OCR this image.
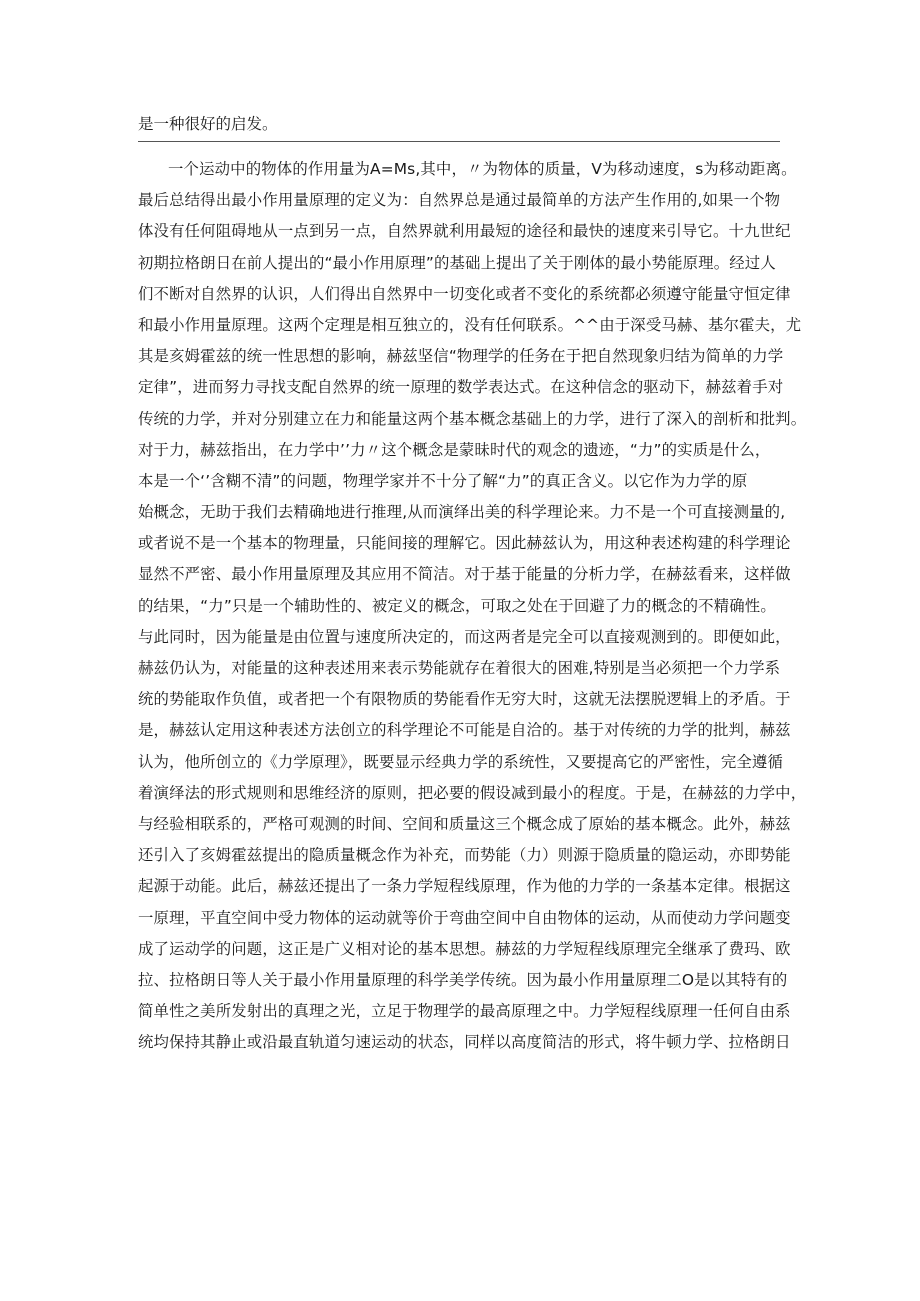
是一种很好的启发。
一个运动中的物体的作用量为A=Ms,其中，〃为物体的质量，V为移动速度，s为移动距离。
最后总结得出最小作用量原理的定义为：自然界总是通过最简单的方法产生作用的,如果一个物
体没有任何阻碍地从一点到另一点，自然界就利用最短的途径和最快的速度来引导它。十九世纪
初期拉格朗日在前人提出的“最小作用原理”的基础上提出了关于刚体的最小势能原理。经过人
们不断对自然界的认识，人们得出自然界中一切变化或者不变化的系统都必须遵守能量守恒定律
和最小作用量原理。这两个定理是相互独立的，没有任何联系。^^由于深受马赫、基尔霍夫，尤
其是亥姆霍兹的统一性思想的影响，赫兹坚信“物理学的任务在于把自然现象归结为简单的力学
定律”，进而努力寻找支配自然界的统一原理的数学表达式。在这种信念的驱动下，赫兹着手对
传统的力学，并对分别建立在力和能量这两个基本概念基础上的力学，进行了深入的剖析和批判。
对于力，赫兹指出，在力学中’’力〃这个概念是蒙昧时代的观念的遗迹，“力”的实质是什么，
本是一个‘’含糊不清”的问题，物理学家并不十分了解“力”的真正含义。以它作为力学的原
始概念，无助于我们去精确地进行推理,从而演绎出美的科学理论来。力不是一个可直接测量的,
或者说不是一个基本的物理量，只能间接的理解它。因此赫兹认为，用这种表述构建的科学理论
显然不严密、最小作用量原理及其应用不简洁。对于基于能量的分析力学，在赫兹看来，这样做
的结果，“力”只是一个辅助性的、被定义的概念，可取之处在于回避了力的概念的不精确性。
与此同时，因为能量是由位置与速度所决定的，而这两者是完全可以直接观测到的。即便如此，
赫兹仍认为，对能量的这种表述用来表示势能就存在着很大的困难,特别是当必须把一个力学系
统的势能取作负值，或者把一个有限物质的势能看作无穷大时，这就无法摆脱逻辑上的矛盾。于
是，赫兹认定用这种表述方法创立的科学理论不可能是自洽的。基于对传统的力学的批判，赫兹
认为，他所创立的《力学原理》，既要显示经典力学的系统性，又要提高它的严密性，完全遵循
着演绎法的形式规则和思维经济的原则，把必要的假设减到最小的程度。于是，在赫兹的力学中，
与经验相联系的，严格可观测的时间、空间和质量这三个概念成了原始的基本概念。此外，赫兹
还引入了亥姆霍兹提出的隐质量概念作为补充，而势能（力）则源于隐质量的隐运动，亦即势能
起源于动能。此后，赫兹还提出了一条力学短程线原理，作为他的力学的一条基本定律。根据这
一原理，平直空间中受力物体的运动就等价于弯曲空间中自由物体的运动，从而使动力学问题变
成了运动学的问题，这正是广义相对论的基本思想。赫兹的力学短程线原理完全继承了费玛、欧
拉、拉格朗日等人关于最小作用量原理的科学美学传统。因为最小作用量原理二O是以其特有的
简单性之美所发射出的真理之光，立足于物理学的最高原理之中。力学短程线原理一任何自由系
统均保持其静止或沿最直轨道匀速运动的状态，同样以高度简洁的形式，将牛顿力学、拉格朗日
